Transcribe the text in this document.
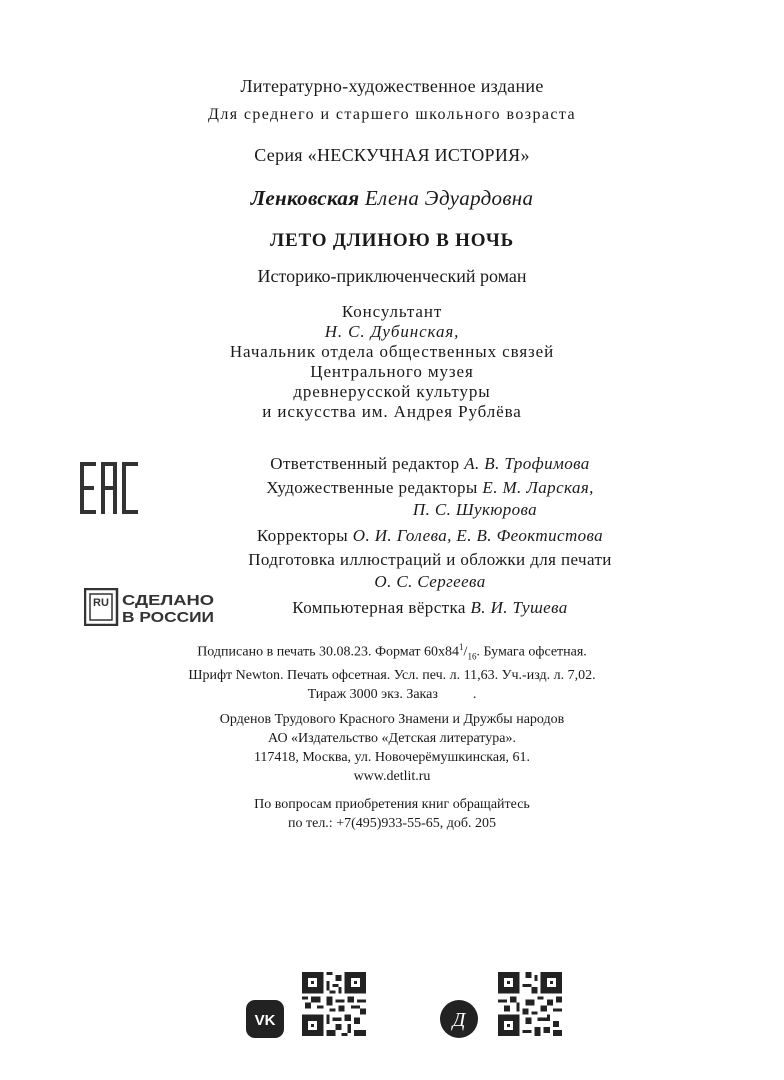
Литературно-художественное издание
Для среднего и старшего школьного возраста
Серия «НЕСКУЧНАЯ ИСТОРИЯ»
Ленковская Елена Эдуардовна
ЛЕТО ДЛИНОЮ В НОЧЬ
Историко-приключенческий роман
Консультант
Н. С. Дубинская,
Начальник отдела общественных связей
Центрального музея
древнерусской культуры
и искусства им. Андрея Рублёва
Ответственный редактор А. В. Трофимова
Художественные редакторы Е. М. Ларская,
П. С. Шукюрова
Корректоры О. И. Голева, Е. В. Феоктистова
Подготовка иллюстраций и обложки для печати
О. С. Сергеева
Компьютерная вёрстка В. И. Тушева
RU СДЕЛАНО
В РОССИИ
Подписано в печать 30.08.23. Формат $60х84^1/_{16}$. Бумага офсетная.
Шрифт Newton. Печать офсетная. Усл. печ. л. 11,63. Уч.-изд. л. 7,02.
Тираж 3000 экз. Заказ          .
Орденов Трудового Красного Знамени и Дружбы народов
АО «Издательство «Детская литература».
117418, Москва, ул. Новочерёмушкинская, 61.
www.detlit.ru
По вопросам приобретения книг обращайтесь
по тел.: +7(495)933-55-65, доб. 205
VK	Д
